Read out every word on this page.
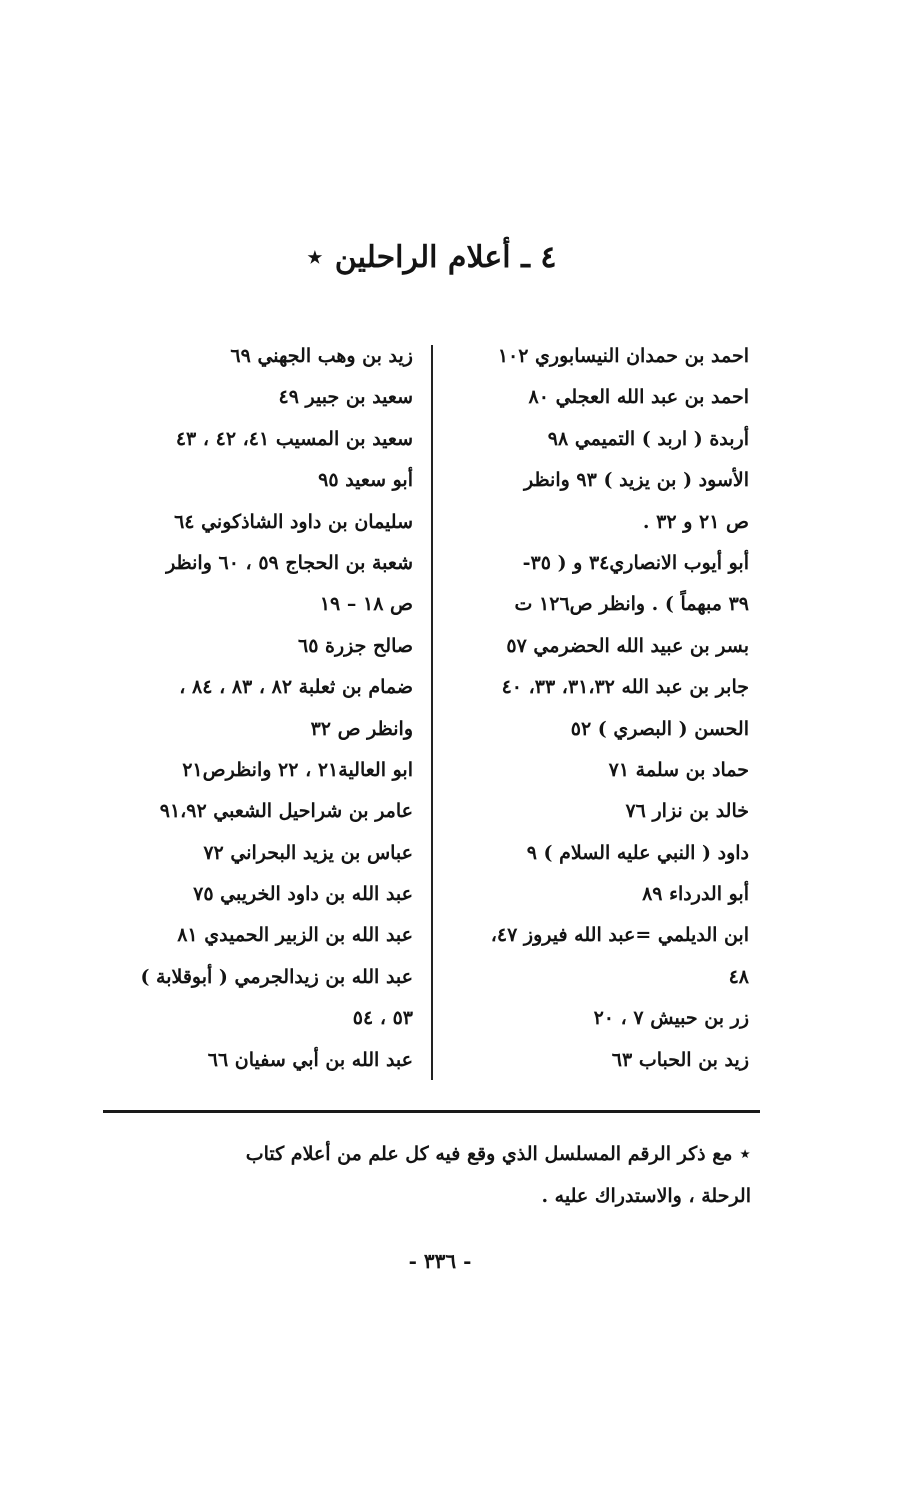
٤ ـ أعلام الراحلين ⋆
احمد بن حمدان النيسابوري ١٠٢
احمد بن عبد الله العجلي ٨٠
أربدة ( اربد ) التميمي ٩٨
الأسود ( بن يزيد ) ٩٣ وانظر
ص ٢١ و ٣٢ .
أبو أيوب الانصاري٣٤ و ( ٣٥-
٣٩ مبهماً ) . وانظر ص١٢٦ ت
بسر بن عبيد الله الحضرمي ٥٧
جابر بن عبد الله ٣١،٣٢، ٣٣، ٤٠
الحسن ( البصري ) ٥٢
حماد بن سلمة ٧١
خالد بن نزار ٧٦
داود ( النبي عليه السلام ) ٩
أبو الدرداء ٨٩
ابن الديلمي =عبد الله فيروز ٤٧،
٤٨
زر بن حبيش ٧ ، ٢٠
زيد بن الحباب ٦٣
زيد بن وهب الجهني ٦٩
سعيد بن جبير ٤٩
سعيد بن المسيب ٤١، ٤٢ ، ٤٣
أبو سعيد ٩٥
سليمان بن داود الشاذكوني ٦٤
شعبة بن الحجاج ٥٩ ، ٦٠ وانظر
ص ١٨ – ١٩
صالح جزرة ٦٥
ضمام بن ثعلبة ٨٢ ، ٨٣ ، ٨٤ ،
وانظر ص ٣٢
ابو العالية٢١ ، ٢٢ وانظرص٢١
عامر بن شراحيل الشعبي ٩١،٩٢
عباس بن يزيد البحراني ٧٢
عبد الله بن داود الخريبي ٧٥
عبد الله بن الزبير الحميدي ٨١
عبد الله بن زيدالجرمي ( أبوقلابة )
٥٣ ، ٥٤
عبد الله بن أبي سفيان ٦٦
⋆ مع ذكر الرقم المسلسل الذي وقع فيه كل علم من أعلام كتاب
الرحلة ، والاستدراك عليه .
- ٣٣٦ -
